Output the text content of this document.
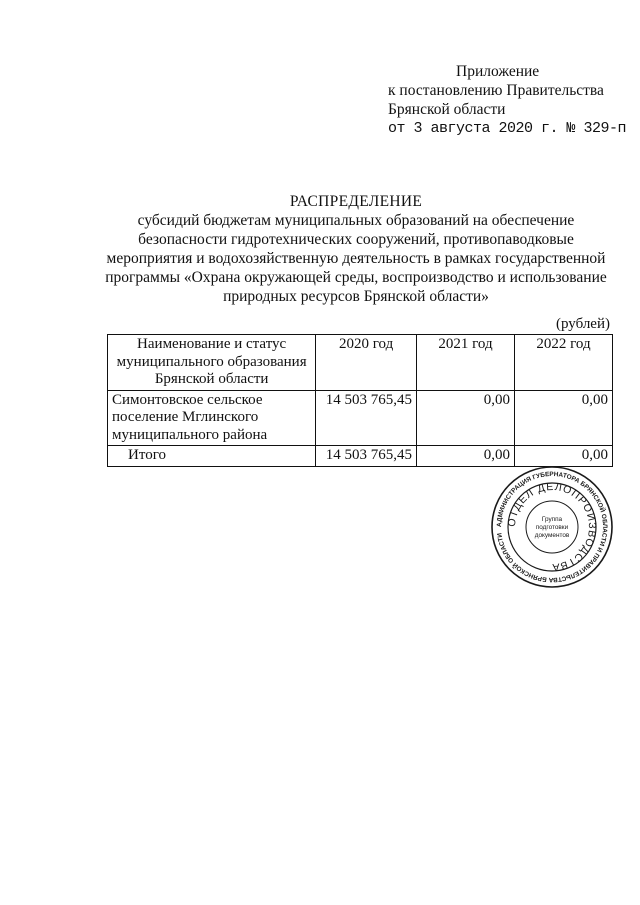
Приложение
к постановлению Правительства
Брянской области
от 3 августа 2020 г. № 329-п
РАСПРЕДЕЛЕНИЕ
субсидий бюджетам муниципальных образований на обеспечение
безопасности гидротехнических сооружений, противопаводковые
мероприятия и водохозяйственную деятельность в рамках государственной
программы «Охрана окружающей среды, воспроизводство и использование
природных ресурсов Брянской области»
(рублей)
Наименование и статус муниципального образования Брянской области	2020 год	2021 год	2022 год
Симонтовское сельское поселение Мглинского муниципального района	14 503 765,45	0,00	0,00
Итого	14 503 765,45	0,00	0,00
АДМИНИСТРАЦИЯ ГУБЕРНАТОРА БРЯНСКОЙ ОБЛАСТИ И ПРАВИТЕЛЬСТВА БРЯНСКОЙ ОБЛАСТИ
ОТДЕЛ ДЕЛОПРОИЗВОДСТВА
Группа
подготовки
документов
